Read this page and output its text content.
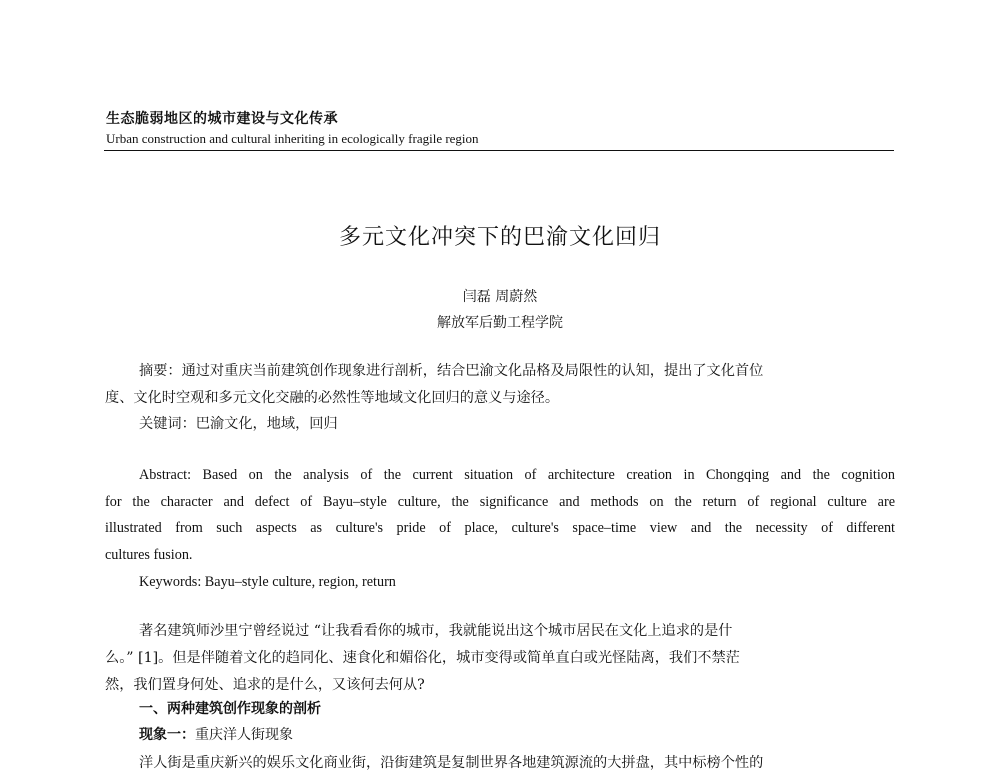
生态脆弱地区的城市建设与文化传承
Urban construction and cultural inheriting in ecologically fragile region
多元文化冲突下的巴渝文化回归
闫磊 周蔚然
解放军后勤工程学院
摘要：通过对重庆当前建筑创作现象进行剖析，结合巴渝文化品格及局限性的认知，提出了文化首位
度、文化时空观和多元文化交融的必然性等地域文化回归的意义与途径。
关键词：巴渝文化，地域，回归
Abstract: Based on the analysis of the current situation of architecture creation in Chongqing and the cognition
for the character and defect of Bayu–style culture, the significance and methods on the return of regional culture are
illustrated from such aspects as culture's pride of place, culture's space–time view and the necessity of different
cultures fusion.
Keywords: Bayu–style culture, region, return
著名建筑师沙里宁曾经说过 “让我看看你的城市，我就能说出这个城市居民在文化上追求的是什
么。” [1]。但是伴随着文化的趋同化、速食化和媚俗化，城市变得或简单直白或光怪陆离，我们不禁茫
然，我们置身何处、追求的是什么，又该何去何从?
一、两种建筑创作现象的剖析
现象一：重庆洋人街现象
洋人街是重庆新兴的娱乐文化商业街，沿街建筑是复制世界各地建筑源流的大拼盘，其中标榜个性的
